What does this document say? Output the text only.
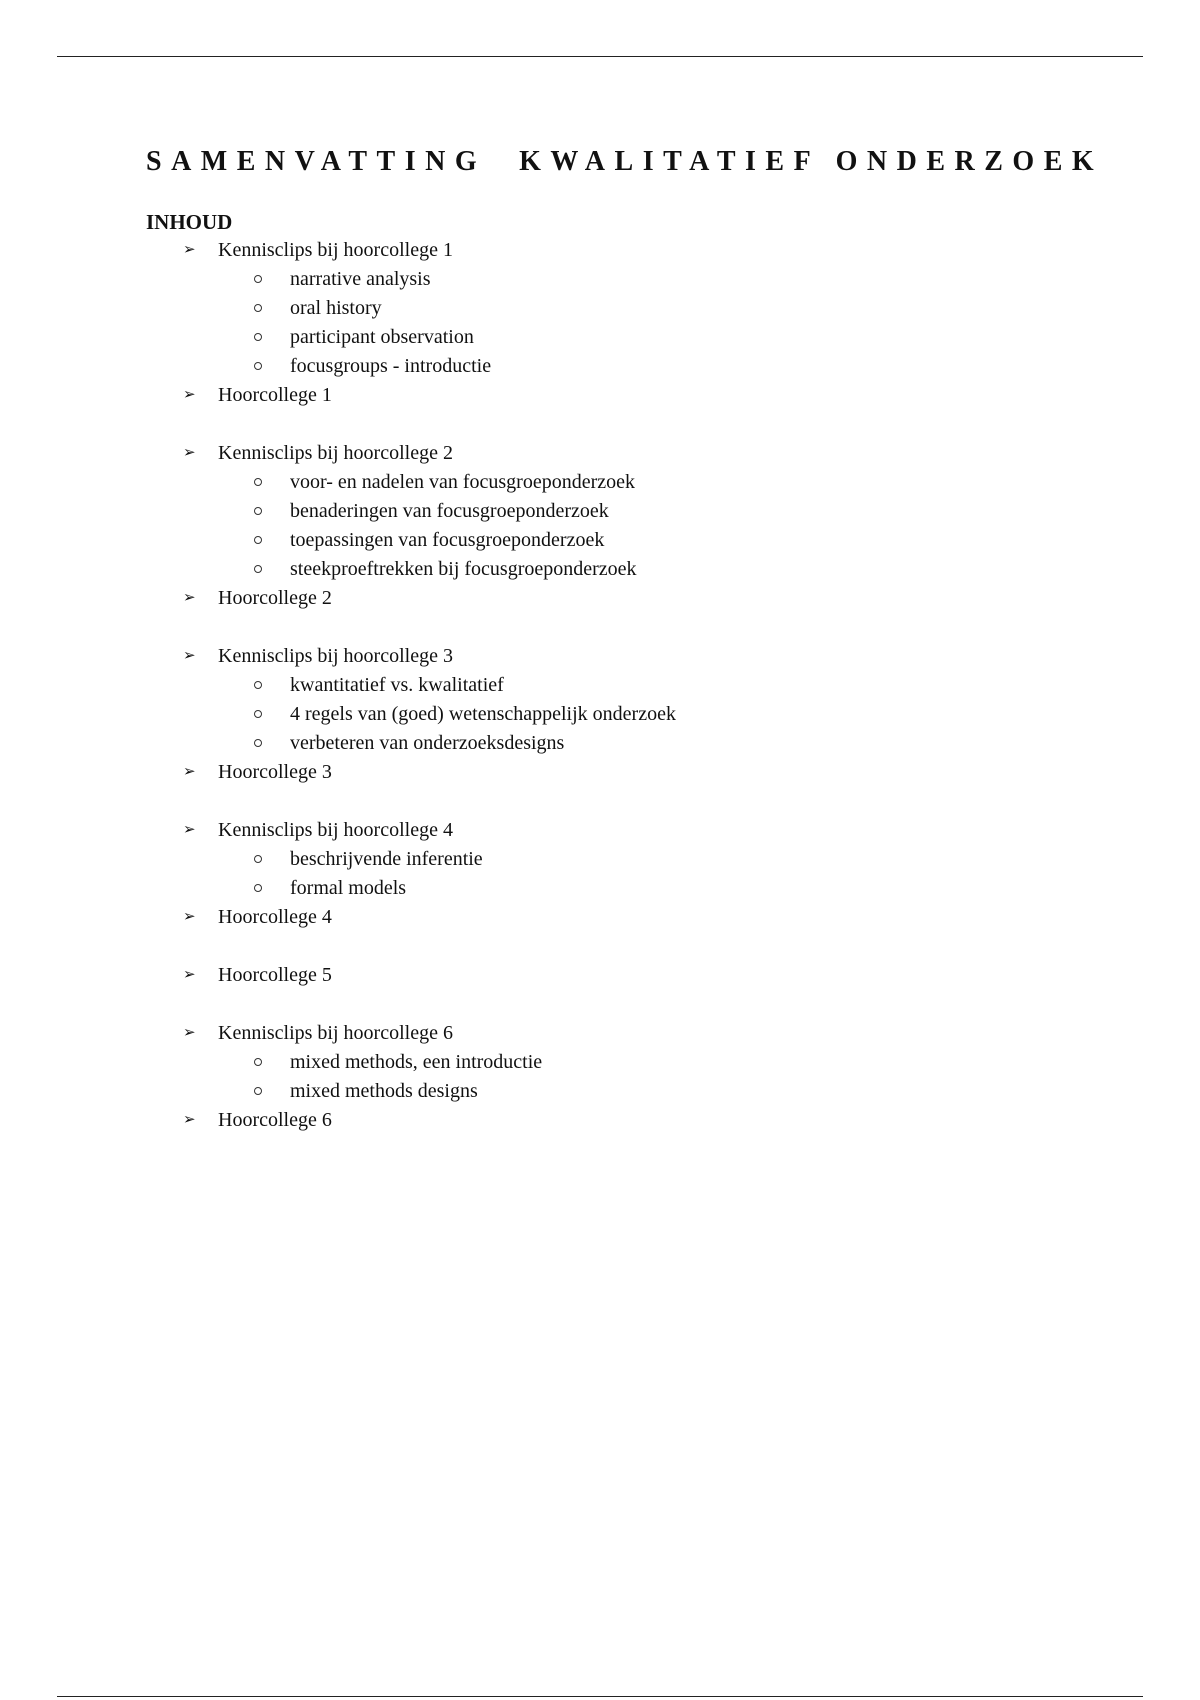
SAMENVATTING  KWALITATIEF ONDERZOEK
INHOUD
➢ Kennisclips bij hoorcollege 1
narrative analysis
oral history
participant observation
focusgroups - introductie
➢ Hoorcollege 1
➢ Kennisclips bij hoorcollege 2
voor- en nadelen van focusgroeponderzoek
benaderingen van focusgroeponderzoek
toepassingen van focusgroeponderzoek
steekproeftrekken bij focusgroeponderzoek
➢ Hoorcollege 2
➢ Kennisclips bij hoorcollege 3
kwantitatief vs. kwalitatief
4 regels van (goed) wetenschappelijk onderzoek
verbeteren van onderzoeksdesigns
➢ Hoorcollege 3
➢ Kennisclips bij hoorcollege 4
beschrijvende inferentie
formal models
➢ Hoorcollege 4
➢ Hoorcollege 5
➢ Kennisclips bij hoorcollege 6
mixed methods, een introductie
mixed methods designs
➢ Hoorcollege 6
